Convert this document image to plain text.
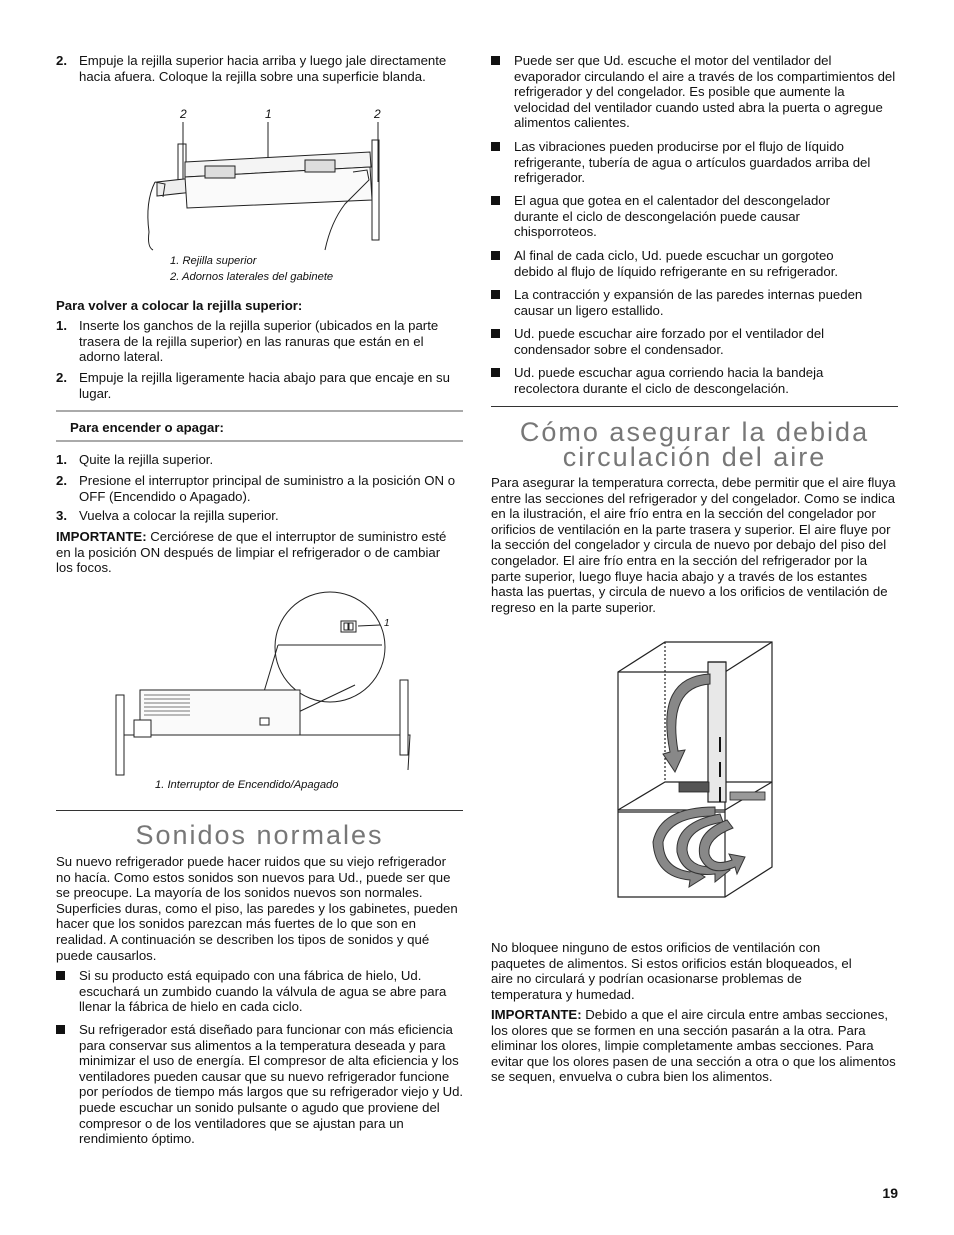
2. Empuje la rejilla superior hacia arriba y luego jale directamente hacia afuera. Coloque la rejilla sobre una superficie blanda.
2	1	2
1. Rejilla superior
2. Adornos laterales del gabinete
Para volver a colocar la rejilla superior:
1. Inserte los ganchos de la rejilla superior (ubicados en la parte trasera de la rejilla superior) en las ranuras que están en el adorno lateral.
2. Empuje la rejilla ligeramente hacia abajo para que encaje en su lugar.
Para encender o apagar:
1. Quite la rejilla superior.
2. Presione el interruptor principal de suministro a la posición ON o OFF (Encendido o Apagado).
3. Vuelva a colocar la rejilla superior.
IMPORTANTE: Cerciórese de que el interruptor de suministro esté en la posición ON después de limpiar el refrigerador o de cambiar los focos.
1
1. Interruptor de Encendido/Apagado
Sonidos normales
Su nuevo refrigerador puede hacer ruidos que su viejo refrigerador no hacía. Como estos sonidos son nuevos para Ud., puede ser que se preocupe. La mayoría de los sonidos nuevos son normales. Superficies duras, como el piso, las paredes y los gabinetes, pueden hacer que los sonidos parezcan más fuertes de lo que son en realidad. A continuación se describen los tipos de sonidos y qué puede causarlos.
Si su producto está equipado con una fábrica de hielo, Ud. escuchará un zumbido cuando la válvula de agua se abre para llenar la fábrica de hielo en cada ciclo.
Su refrigerador está diseñado para funcionar con más eficiencia para conservar sus alimentos a la temperatura deseada y para minimizar el uso de energía. El compresor de alta eficiencia y los ventiladores pueden causar que su nuevo refrigerador funcione por períodos de tiempo más largos que su refrigerador viejo y Ud. puede escuchar un sonido pulsante o agudo que proviene del compresor o de los ventiladores que se ajustan para un rendimiento óptimo.
Puede ser que Ud. escuche el motor del ventilador del evaporador circulando el aire a través de los compartimientos del refrigerador y del congelador. Es posible que aumente la velocidad del ventilador cuando usted abra la puerta o agregue alimentos calientes.
Las vibraciones pueden producirse por el flujo de líquido refrigerante, tubería de agua o artículos guardados arriba del refrigerador.
El agua que gotea en el calentador del descongelador durante el ciclo de descongelación puede causar chisporroteos.
Al final de cada ciclo, Ud. puede escuchar un gorgoteo debido al flujo de líquido refrigerante en su refrigerador.
La contracción y expansión de las paredes internas pueden causar un ligero estallido.
Ud. puede escuchar aire forzado por el ventilador del condensador sobre el condensador.
Ud. puede escuchar agua corriendo hacia la bandeja recolectora durante el ciclo de descongelación.
Cómo asegurar la debida
circulación del aire
Para asegurar la temperatura correcta, debe permitir que el aire fluya entre las secciones del refrigerador y del congelador. Como se indica en la ilustración, el aire frío entra en la sección del congelador por orificios de ventilación en la parte trasera y superior. El aire fluye por la sección del congelador y circula de nuevo por debajo del piso del congelador. El aire frío entra en la sección del refrigerador por la parte superior, luego fluye hacia abajo y a través de los estantes hasta las puertas, y circula de nuevo a los orificios de ventilación de regreso en la parte superior.
No bloquee ninguno de estos orificios de ventilación con paquetes de alimentos. Si estos orificios están bloqueados, el aire no circulará y podrían ocasionarse problemas de temperatura y humedad.
IMPORTANTE: Debido a que el aire circula entre ambas secciones, los olores que se formen en una sección pasarán a la otra. Para eliminar los olores, limpie completamente ambas secciones. Para evitar que los olores pasen de una sección a otra o que los alimentos se sequen, envuelva o cubra bien los alimentos.
19
